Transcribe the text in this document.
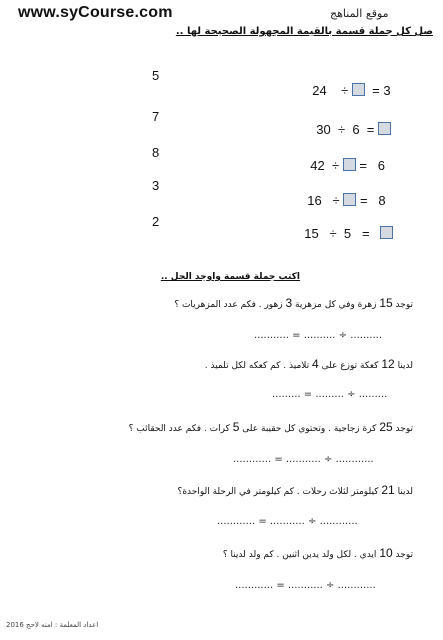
www.syCourse.com	موقع المناهج
صل كل جملة قسمة بالقيمة المجهولة الصحيحة لها ..
5
7
8
3
2

24 ÷ = 3

30 ÷ 6 =

42 ÷ = 6

16 ÷ = 8

15 ÷ 5 =

اكتب جملة قسمة واوجد الحل ..
توجد 15 زهرة وفي كل مزهرية 3 زهور . فكم عدد المزهريات ؟
........... = .......... ÷ ..........
لدينا 12 كعكة توزع على 4 تلاميذ . كم كعكه لكل تلميذ .
......... = ......... ÷ .........
توجد 25 كرة زجاجية . وتحتوي كل حقيبة على 5 كرات . فكم عدد الحقائب ؟
............ = ........... ÷ ............
لدينا 21 كيلومتر لثلاث رحلات . كم كيلومتر في الرحلة الواحدة؟
............ = ........... ÷ ............
توجد 10 ايدي . لكل ولد يدين اثنين . كم ولد لدينا ؟
............ = ........... ÷ ............
اعداد المعلمة : امنه لاحج 2016
